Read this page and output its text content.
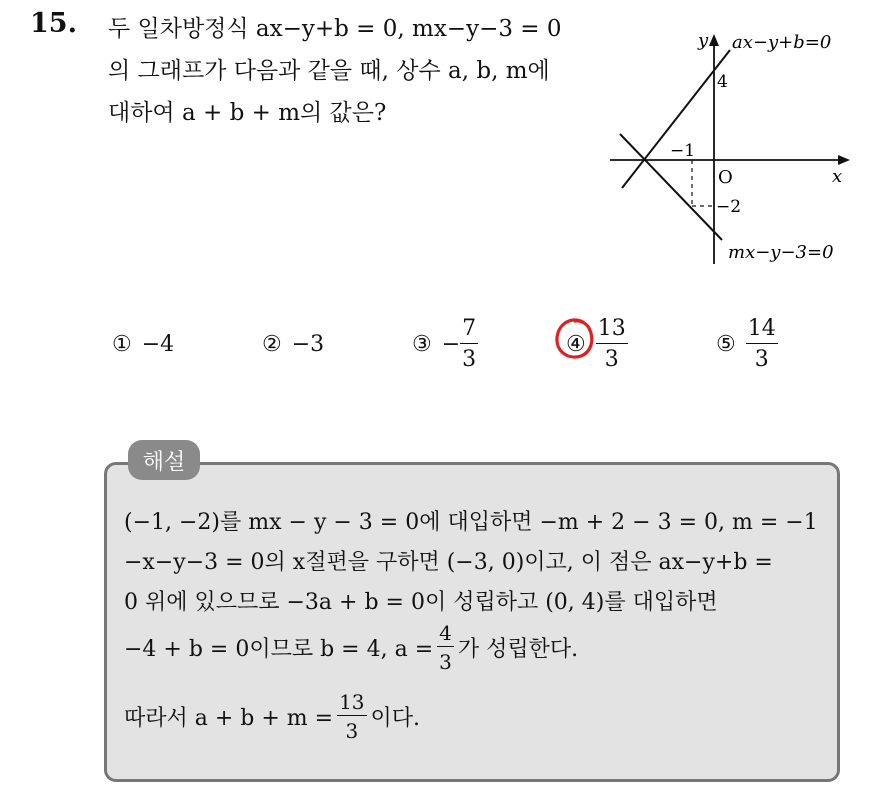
15. 두 일차방정식 ax−y+b = 0, mx−y−3 = 0
의 그래프가 다음과 같을 때, 상수 a, b, m에
대하여 a + b + m의 값은?
y
x
O
4
−1
−2
ax−y+b=0
mx−y−3=0
① −4	② −3	③ − $\frac{7}{3}$	④ $\frac{13}{3}$	⑤ $\frac{14}{3}$
해설
(−1, −2)를 mx − y − 3 = 0에 대입하면 −m + 2 − 3 = 0, m = −1
−x−y−3 = 0의 x절편을 구하면 (−3, 0)이고, 이 점은 ax−y+b =
0 위에 있으므로 −3a + b = 0이 성립하고 (0, 4)를 대입하면
−4 + b = 0이므로 b = 4, $a = \frac{4}{3}$ 가 성립한다.
따라서 $a + b + m = \frac{13}{3}$ 이다.
